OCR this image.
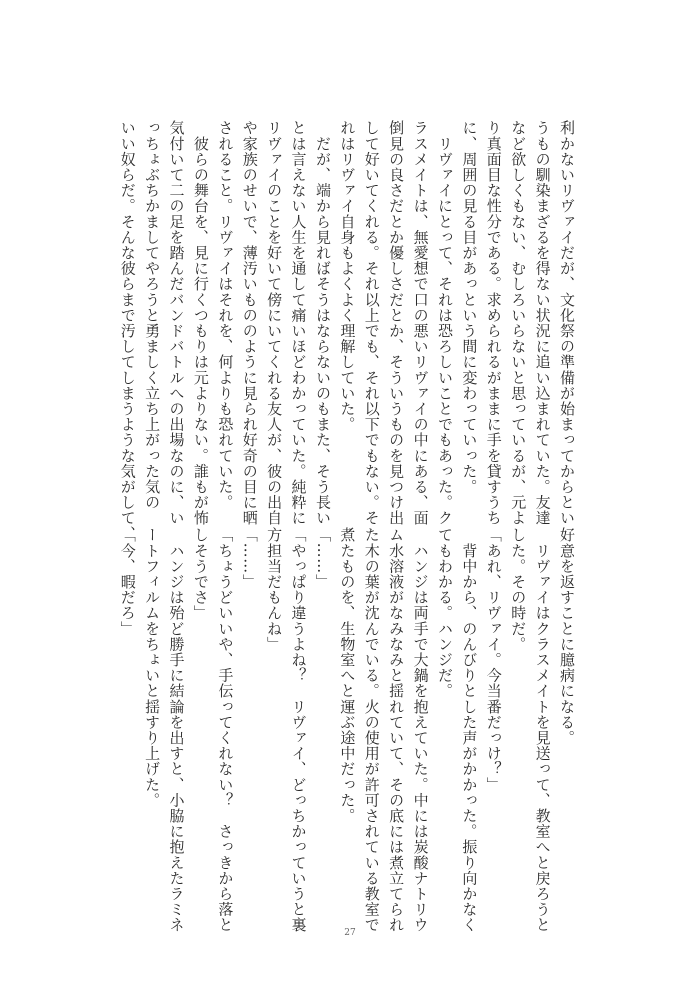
利かないリヴァイだが、文化祭の準備が始まってからとい

うもの馴染まざるを得ない状況に追い込まれていた。友達

など欲しくもない、むしろいらないと思っているが、元よ

り真面目な性分である。求められるがままに手を貸すうち

に、周囲の見る目があっという間に変わっていった。

　リヴァイにとって、それは恐ろしいことでもあった。ク

ラスメイトは、無愛想で口の悪いリヴァイの中にある、面

倒見の良さだとか優しさだとか、そういうものを見つけ出

して好いてくれる。それ以上でも、それ以下でもない。そ

れはリヴァイ自身もよくよく理解していた。

　だが、端から見ればそうはならないのもまた、そう長い

とは言えない人生を通して痛いほどわかっていた。純粋に

リヴァイのことを好いて傍にいてくれる友人が、彼の出自

や家族のせいで、薄汚いもののように見られ好奇の目に晒

されること。リヴァイはそれを、何よりも恐れていた。

　彼らの舞台を、見に行くつもりは元よりない。誰もが怖

気付いて二の足を踏んだバンドバトルへの出場なのに、い

っちょぶちかましてやろうと勇ましく立ち上がった気の

いい奴らだ。そんな彼らまで汚してしまうような気がして、

好意を返すことに臆病になる。

　リヴァイはクラスメイトを見送って、教室へと戻ろうと

した。その時だ。

「あれ、リヴァイ。今当番だっけ？」

　背中から、のんびりとした声がかかった。振り向かなく

てもわかる。ハンジだ。

　ハンジは両手で大鍋を抱えていた。中には炭酸ナトリウ

ム水溶液がなみなみと揺れていて、その底には煮立てられ

た木の葉が沈んでいる。火の使用が許可されている教室で

煮たものを、生物室へと運ぶ途中だった。

「……」

「やっぱり違うよね？　リヴァイ、どっちかっていうと裏

方担当だもんね」

「……」

「ちょうどいいや、手伝ってくれない？　さっきから落と

しそうでさ」

　ハンジは殆ど勝手に結論を出すと、小脇に抱えたラミネ

ートフィルムをちょいと揺すり上げた。

「今、暇だろ」

27
